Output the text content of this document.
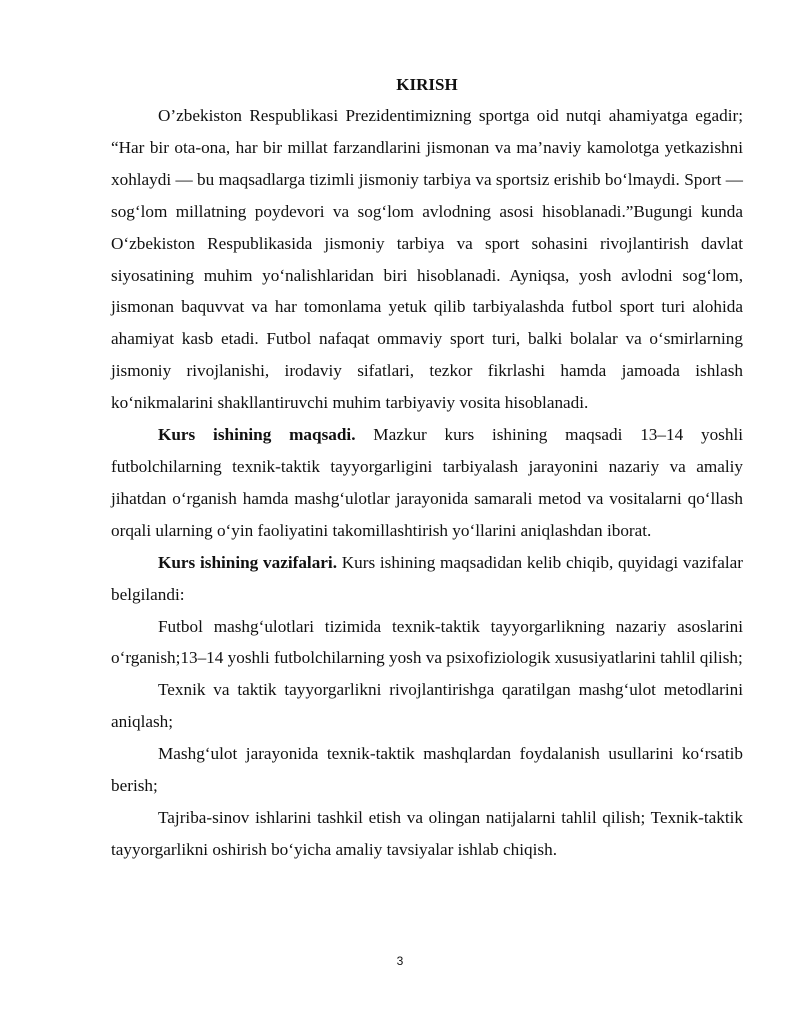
KIRISH

O’zbekiston Respublikasi Prezidentimizning sportga oid nutqi ahamiyatga egadir; “Har bir ota-ona, har bir millat farzandlarini jismonan va ma’naviy kamolotga yetkazishni xohlaydi — bu maqsadlarga tizimli jismoniy tarbiya va sportsiz erishib bo‘lmaydi. Sport — sog‘lom millatning poydevori va sog‘lom avlodning asosi hisoblanadi.”Bugungi kunda O‘zbekiston Respublikasida jismoniy tarbiya va sport sohasini rivojlantirish davlat siyosatining muhim yo‘nalishlaridan biri hisoblanadi. Ayniqsa, yosh avlodni sog‘lom, jismonan baquvvat va har tomonlama yetuk qilib tarbiyalashda futbol sport turi alohida ahamiyat kasb etadi. Futbol nafaqat ommaviy sport turi, balki bolalar va o‘smirlarning jismoniy rivojlanishi, irodaviy sifatlari, tezkor fikrlashi hamda jamoada ishlash ko‘nikmalarini shakllantiruvchi muhim tarbiyaviy vosita hisoblanadi.

Kurs ishining maqsadi. Mazkur kurs ishining maqsadi 13–14 yoshli futbolchilarning texnik-taktik tayyorgarligini tarbiyalash jarayonini nazariy va amaliy jihatdan o‘rganish hamda mashg‘ulotlar jarayonida samarali metod va vositalarni qo‘llash orqali ularning o‘yin faoliyatini takomillashtirish yo‘llarini aniqlashdan iborat.

Kurs ishining vazifalari. Kurs ishining maqsadidan kelib chiqib, quyidagi vazifalar belgilandi:

Futbol mashg‘ulotlari tizimida texnik-taktik tayyorgarlikning nazariy asoslarini o‘rganish;13–14 yoshli futbolchilarning yosh va psixofiziologik xususiyatlarini tahlil qilish;

Texnik va taktik tayyorgarlikni rivojlantirishga qaratilgan mashg‘ulot metodlarini aniqlash;

Mashg‘ulot jarayonida texnik-taktik mashqlardan foydalanish usullarini ko‘rsatib berish;

Tajriba-sinov ishlarini tashkil etish va olingan natijalarni tahlil qilish; Texnik-taktik tayyorgarlikni oshirish bo‘yicha amaliy tavsiyalar ishlab chiqish.

3
